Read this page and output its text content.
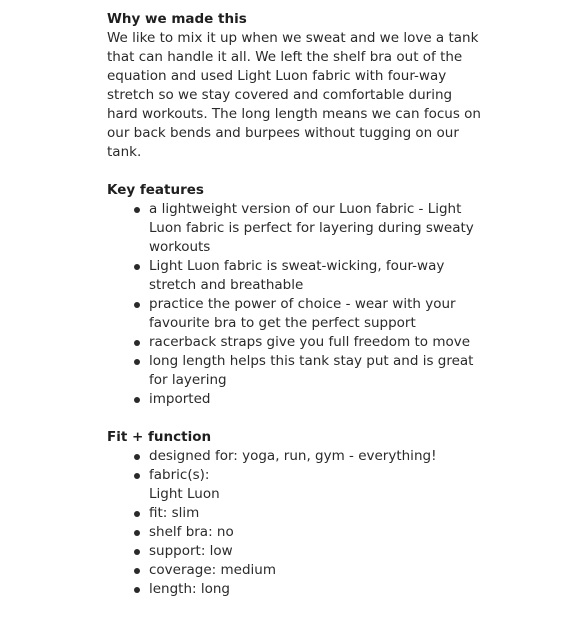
Why we made this

We like to mix it up when we sweat and we love a tank that can handle it all. We left the shelf bra out of the equation and used Light Luon fabric with four-way stretch so we stay covered and comfortable during hard workouts. The long length means we can focus on our back bends and burpees without tugging on our tank.

Key features
a lightweight version of our Luon fabric - Light Luon fabric is perfect for layering during sweaty workouts
Light Luon fabric is sweat-wicking, four-way stretch and breathable
practice the power of choice - wear with your favourite bra to get the perfect support
racerback straps give you full freedom to move
long length helps this tank stay put and is great for layering
imported
Fit + function
designed for: yoga, run, gym - everything!
fabric(s):
Light Luon
fit: slim
shelf bra: no
support: low
coverage: medium
length: long
